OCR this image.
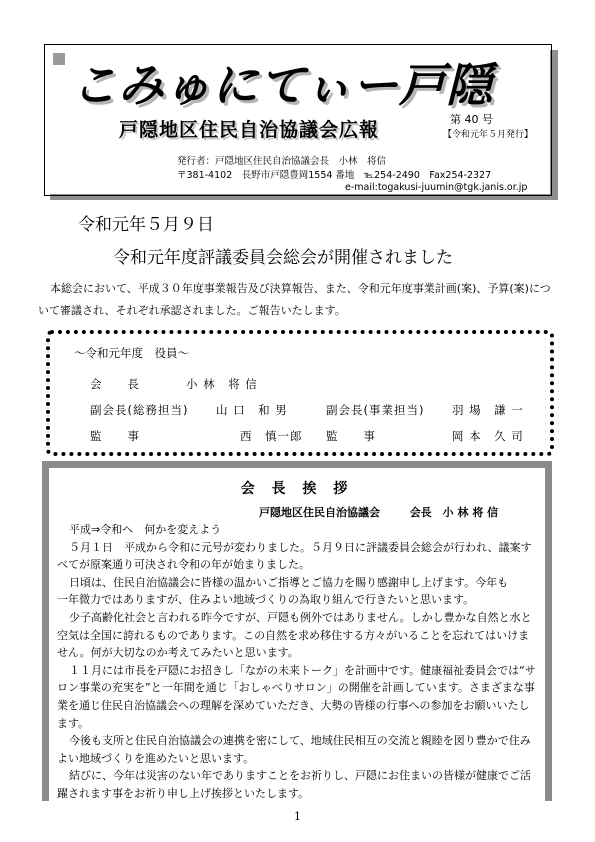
こみゅにてぃー戸隠
戸隠地区住民自治協議会広報	第 40 号
【令和元年５月発行】
発行者：戸隠地区住民自治協議会長　小林　将信
〒381-4102　長野市戸隠豊岡1554 番地　℡254-2490　Fax254-2327
e-mail:togakusi-juumin@tgk.janis.or.jp
令和元年５月９日
令和元年度評議委員会総会が開催されました
本総会において、平成３０年度事業報告及び決算報告、また、令和元年度事業計画(案)、予算(案)について審議され、それぞれ承認されました。ご報告いたします。
～令和元年度　役員～
会　　長	小 林　将 信
副会長(総務担当) 山 口　和 男	副会長(事業担当) 羽 場　謙 一
監　　事	西　慎一郎 監　　事	岡 本　久 司
会 長 挨 拶
戸隠地区住民自治協議会	会長　小 林 将 信

平成⇒令和へ　何かを変えよう

５月１日　平成から令和に元号が変わりました。５月９日に評議委員会総会が行われ、議案すべてが原案通り可決され令和の年が始まりました。

日頃は、住民自治協議会に皆様の温かいご指導とご協力を賜り感謝申し上げます。今年も

一年微力ではありますが、住みよい地域づくりの為取り組んで行きたいと思います。

少子高齢化社会と言われる昨今ですが、戸隠も例外ではありません。しかし豊かな自然と水と空気は全国に誇れるものであります。この自然を求め移住する方々がいることを忘れてはいけません。何が大切なのか考えてみたいと思います。

１１月には市長を戸隠にお招きし「ながの未来トーク」を計画中です。健康福祉委員会では“サロン事業の充実を”と一年間を通じ「おしゃべりサロン」の開催を計画しています。さまざまな事業を通じ住民自治協議会への理解を深めていただき、大勢の皆様の行事への参加をお願いいたします。

今後も支所と住民自治協議会の連携を密にして、地域住民相互の交流と親睦を図り豊かで住みよい地域づくりを進めたいと思います。

結びに、今年は災害のない年でありますことをお祈りし、戸隠にお住まいの皆様が健康でご活躍されます事をお祈り申し上げ挨拶といたします。

1
